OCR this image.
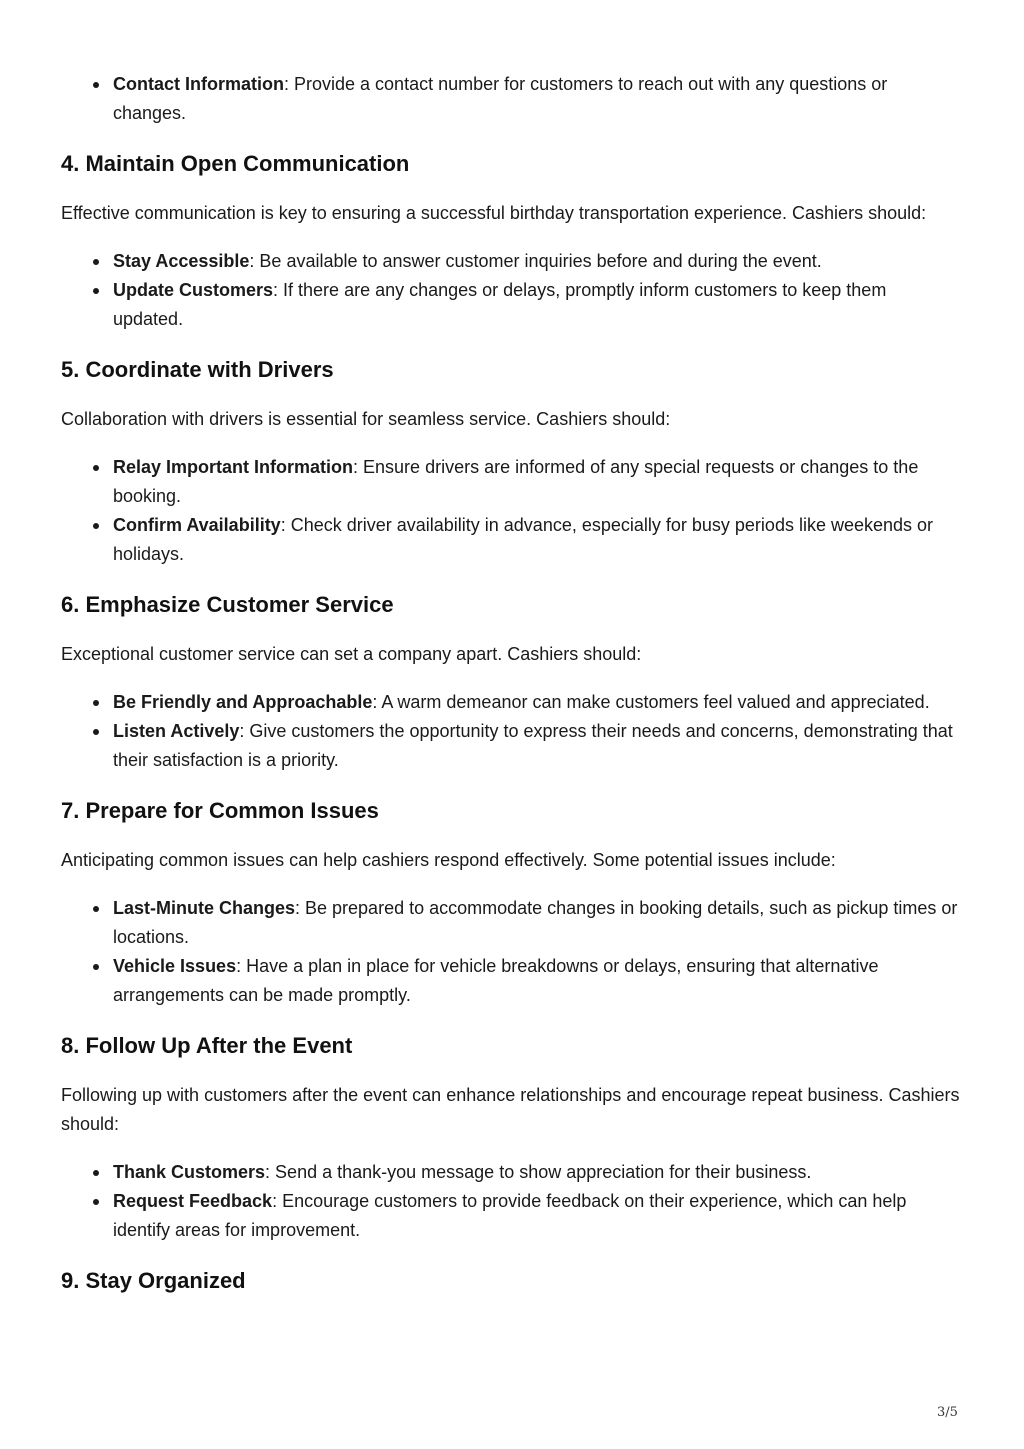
Contact Information: Provide a contact number for customers to reach out with any questions or changes.
4. Maintain Open Communication

Effective communication is key to ensuring a successful birthday transportation experience. Cashiers should:

Stay Accessible: Be available to answer customer inquiries before and during the event.
Update Customers: If there are any changes or delays, promptly inform customers to keep them updated.
5. Coordinate with Drivers

Collaboration with drivers is essential for seamless service. Cashiers should:

Relay Important Information: Ensure drivers are informed of any special requests or changes to the booking.
Confirm Availability: Check driver availability in advance, especially for busy periods like weekends or holidays.
6. Emphasize Customer Service

Exceptional customer service can set a company apart. Cashiers should:

Be Friendly and Approachable: A warm demeanor can make customers feel valued and appreciated.
Listen Actively: Give customers the opportunity to express their needs and concerns, demonstrating that their satisfaction is a priority.
7. Prepare for Common Issues

Anticipating common issues can help cashiers respond effectively. Some potential issues include:

Last-Minute Changes: Be prepared to accommodate changes in booking details, such as pickup times or locations.
Vehicle Issues: Have a plan in place for vehicle breakdowns or delays, ensuring that alternative arrangements can be made promptly.
8. Follow Up After the Event

Following up with customers after the event can enhance relationships and encourage repeat business. Cashiers should:

Thank Customers: Send a thank-you message to show appreciation for their business.
Request Feedback: Encourage customers to provide feedback on their experience, which can help identify areas for improvement.
9. Stay Organized
3/5
